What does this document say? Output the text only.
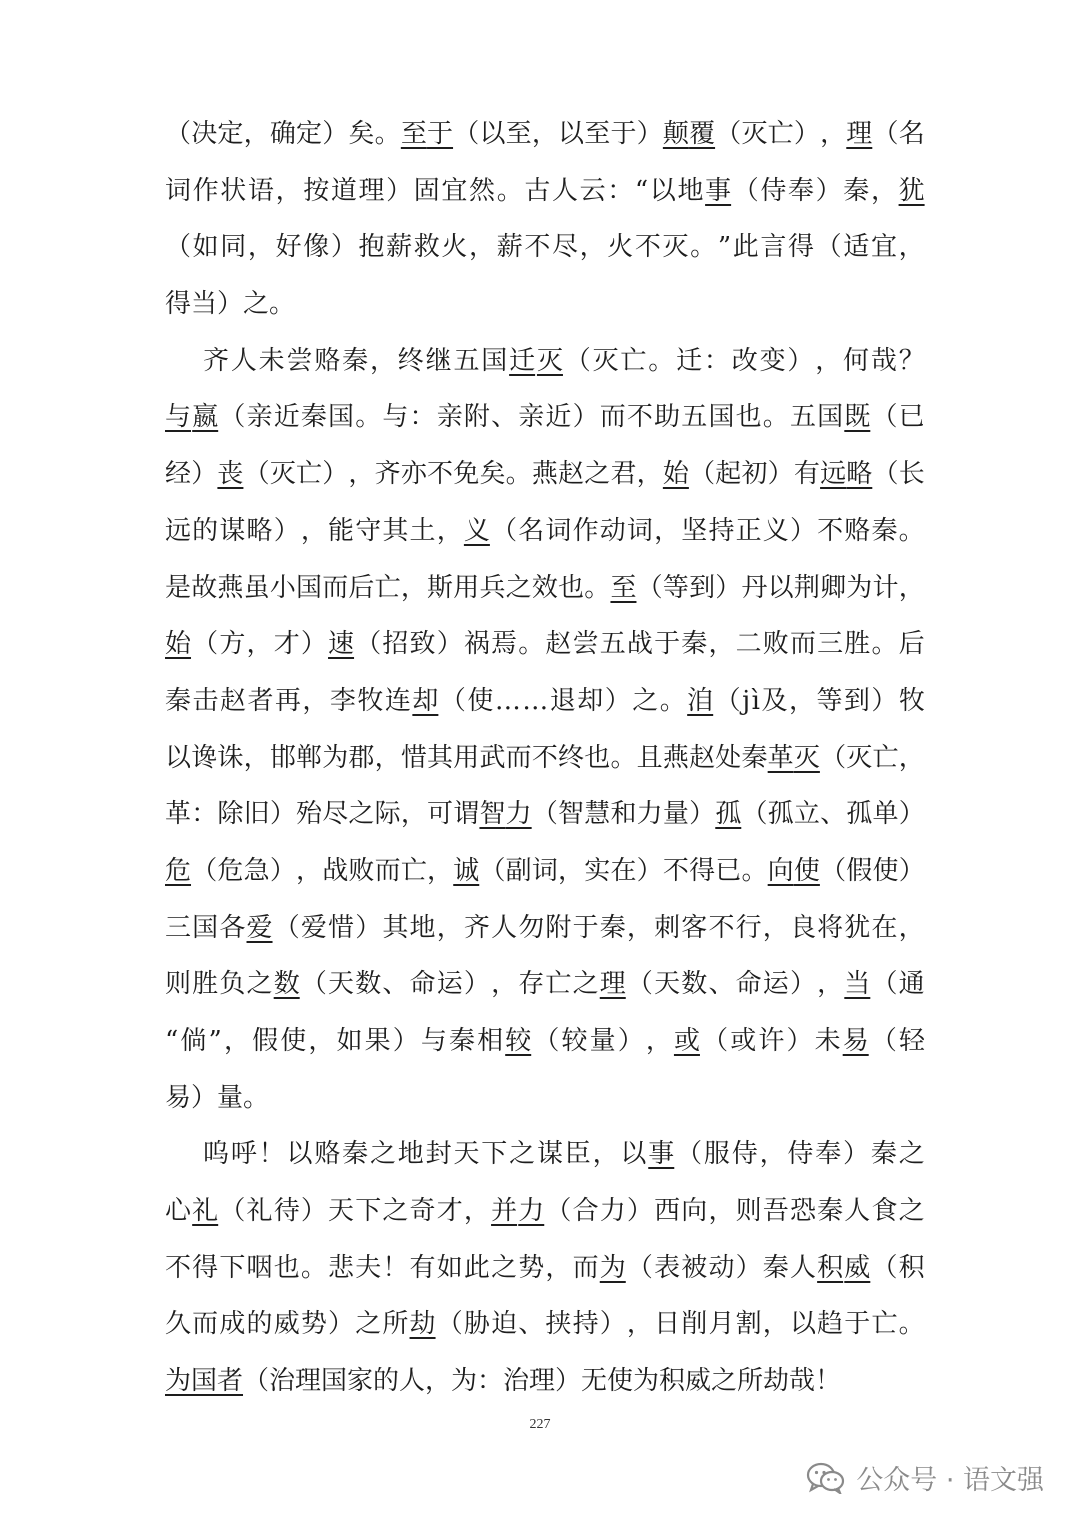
（ 决 定 ， 确 定 ） 矣 。 至 于 （ 以 至 ， 以 至 于 ） 颠 覆 （ 灭 亡 ） ， 理 （ 名
词 作 状 语 ， 按 道 理 ） 固 宜 然 。 古 人 云 ： “ 以 地 事 （ 侍 奉 ） 秦 ， 犹
（ 如 同 ， 好 像 ） 抱 薪 救 火 ， 薪 不 尽 ， 火 不 灭 。 ” 此 言 得 （ 适 宜 ，
得当）之。
齐 人 未 尝 赂 秦 ， 终 继 五 国 迁 灭 （ 灭 亡 。 迁 ： 改 变 ） ， 何 哉 ？
与 嬴 （ 亲 近 秦 国 。 与 ： 亲 附 、 亲 近 ） 而 不 助 五 国 也 。 五 国 既 （ 已
经 ） 丧 （ 灭 亡 ） ， 齐 亦 不 免 矣 。 燕 赵 之 君 ， 始 （ 起 初 ） 有 远 略 （ 长
远 的 谋 略 ） ， 能 守 其 土 ， 义 （ 名 词 作 动 词 ， 坚 持 正 义 ） 不 赂 秦 。
是 故 燕 虽 小 国 而 后 亡 ， 斯 用 兵 之 效 也 。 至 （ 等 到 ） 丹 以 荆 卿 为 计 ，
始 （ 方 ， 才 ） 速 （ 招 致 ） 祸 焉 。 赵 尝 五 战 于 秦 ， 二 败 而 三 胜 。 后
秦 击 赵 者 再 ， 李 牧 连 却 （ 使 … … 退 却 ） 之 。 洎 （ j ì 及 ， 等 到 ） 牧
以 谗 诛 ， 邯 郸 为 郡 ， 惜 其 用 武 而 不 终 也 。 且 燕 赵 处 秦 革 灭 （ 灭 亡 ，
革 ： 除 旧 ） 殆 尽 之 际 ， 可 谓 智 力 （ 智 慧 和 力 量 ） 孤 （ 孤 立 、 孤 单 ）
危 （ 危 急 ） ， 战 败 而 亡 ， 诚 （ 副 词 ， 实 在 ） 不 得 已 。 向 使 （ 假 使 ）
三 国 各 爱 （ 爱 惜 ） 其 地 ， 齐 人 勿 附 于 秦 ， 刺 客 不 行 ， 良 将 犹 在 ，
则 胜 负 之 数 （ 天 数 、 命 运 ） ， 存 亡 之 理 （ 天 数 、 命 运 ） ， 当 （ 通
“ 倘 ” ， 假 使 ， 如 果 ） 与 秦 相 较 （ 较 量 ） ， 或 （ 或 许 ） 未 易 （ 轻
易）量。
呜 呼 ！ 以 赂 秦 之 地 封 天 下 之 谋 臣 ， 以 事 （ 服 侍 ， 侍 奉 ） 秦 之
心 礼 （ 礼 待 ） 天 下 之 奇 才 ， 并 力 （ 合 力 ） 西 向 ， 则 吾 恐 秦 人 食 之
不 得 下 咽 也 。 悲 夫 ！ 有 如 此 之 势 ， 而 为 （ 表 被 动 ） 秦 人 积 威 （ 积
久 而 成 的 威 势 ） 之 所 劫 （ 胁 迫 、 挟 持 ） ， 日 削 月 割 ， 以 趋 于 亡 。
为国者（治理国家的人，为：治理）无使为积威之所劫哉！
227
公众号 · 语文强
